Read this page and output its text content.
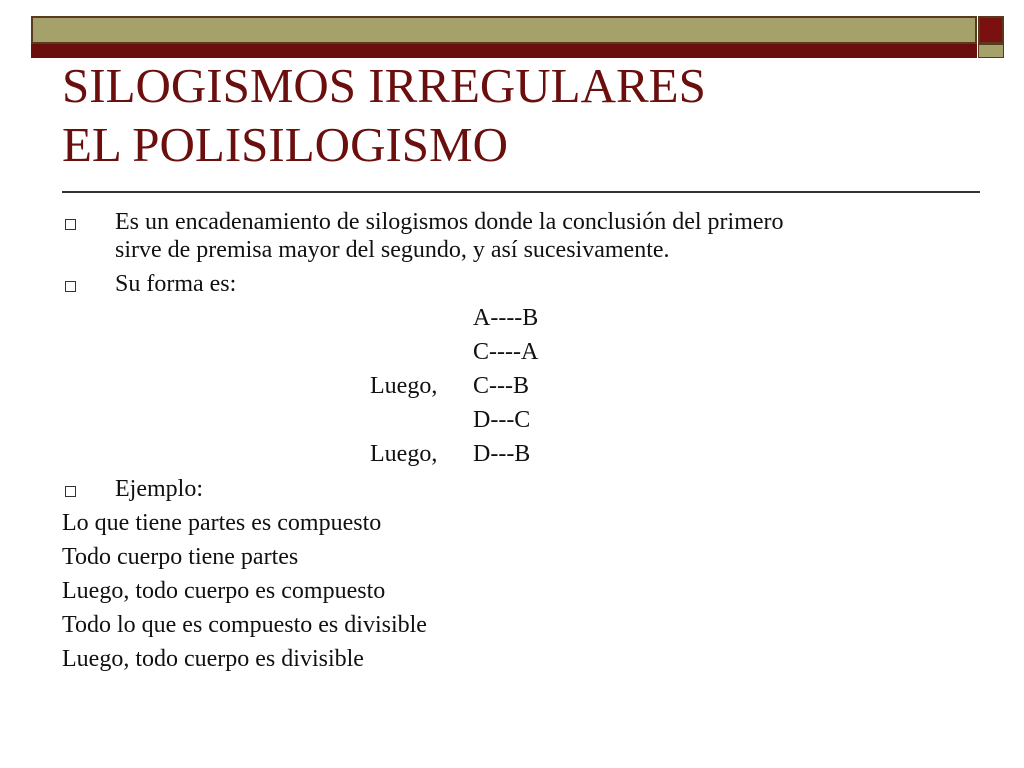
SILOGISMOS IRREGULARES
EL POLISILOGISMO
Es un encadenamiento de silogismos donde la conclusión del primero
sirve de premisa mayor del segundo, y así sucesivamente.
Su forma es:
A----B
C----A
Luego, C---B
D---C
Luego, D---B
Ejemplo:
Lo que tiene partes es compuesto
Todo cuerpo tiene partes
Luego, todo cuerpo es compuesto
Todo lo que es compuesto es divisible
Luego, todo cuerpo es divisible
